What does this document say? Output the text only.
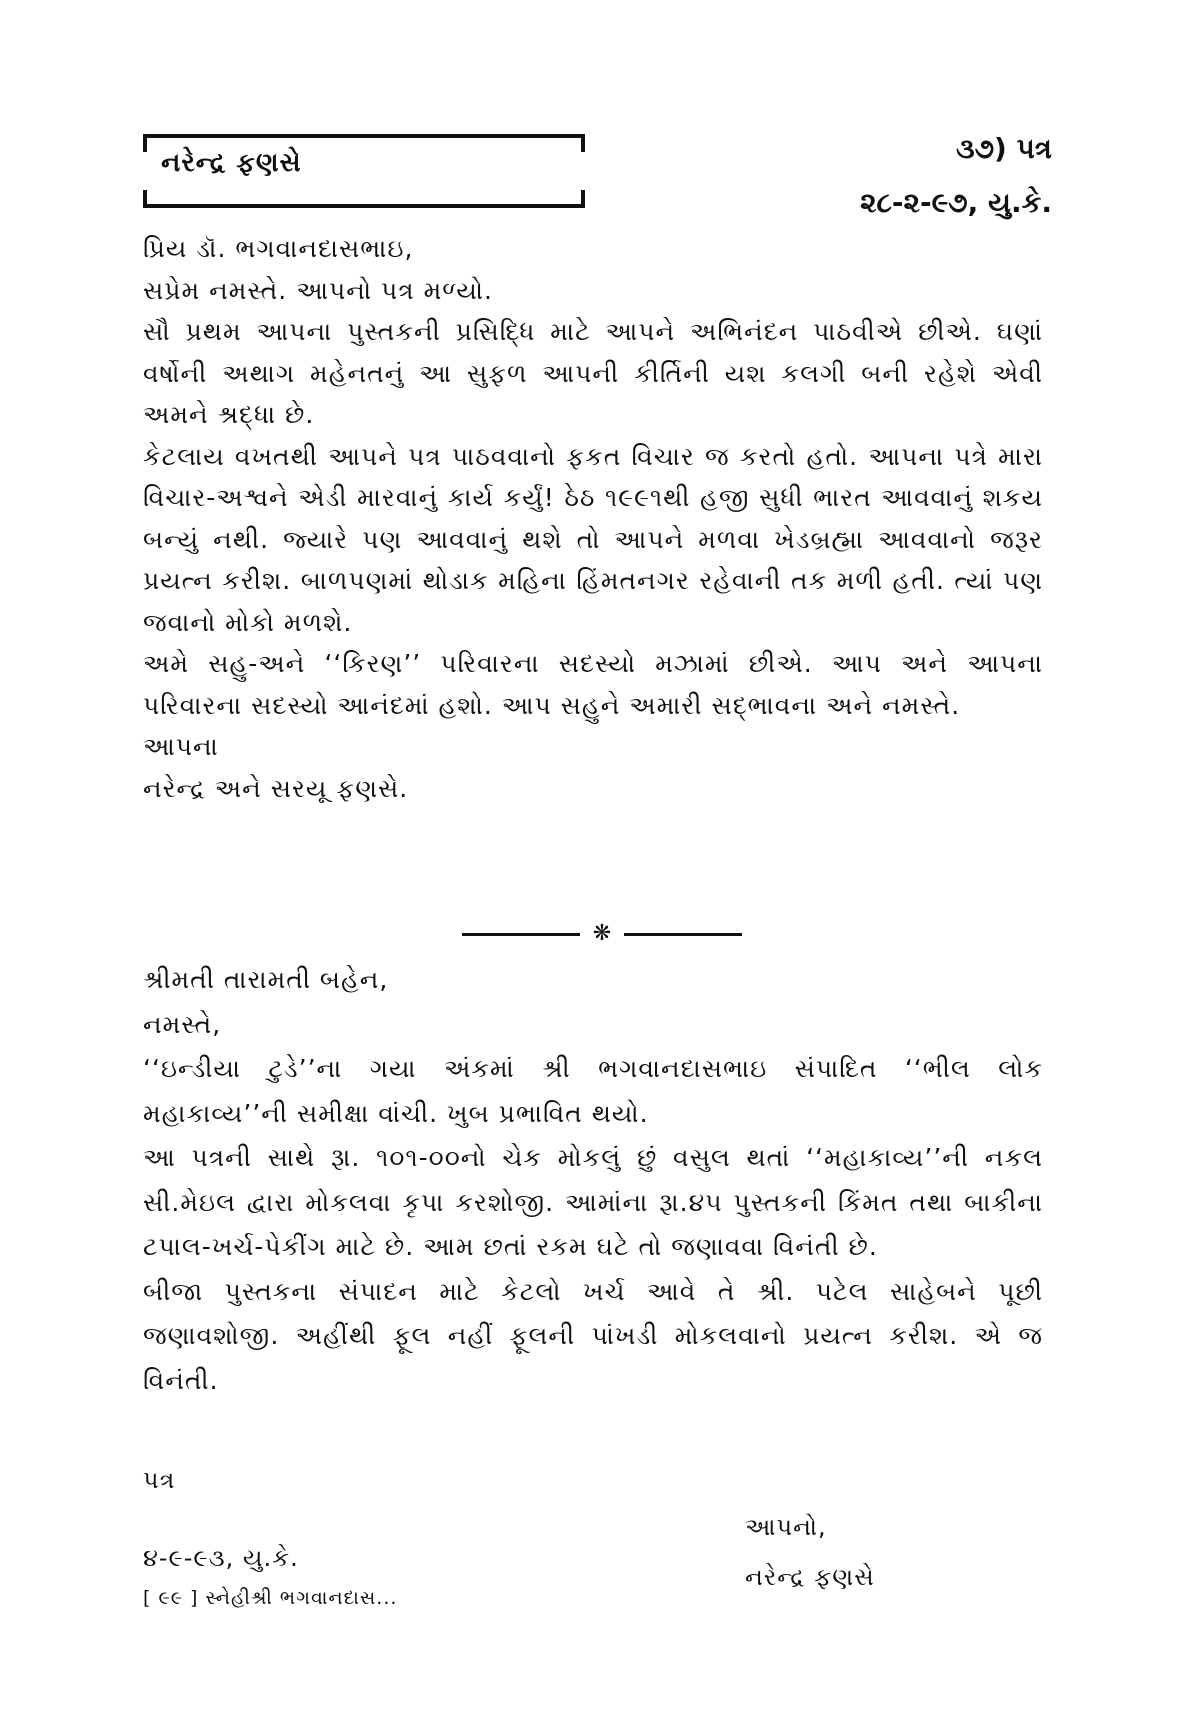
નરેન્દ્ર ફણસે	૩૭) પત્ર
૨૮-૨-૯૭, યુ.કે.

પ્રિય ડૉ. ભગવાનદાસભાઇ,

સપ્રેમ નમસ્તે. આપનો પત્ર મળ્યો.

સૌ પ્રથમ આપના પુસ્તકની પ્રસિદ્ધિ માટે આપને અભિનંદન પાઠવીએ છીએ. ઘણાં વર્ષોની અથાગ મહેનતનું આ સુફળ આપની કીર્તિની યશ કલગી બની રહેશે એવી અમને શ્રદ્ધા છે.

કેટલાય વખતથી આપને પત્ર પાઠવવાનો ફકત વિચાર જ કરતો હતો. આપના પત્રે મારા વિચાર-અશ્વને એડી મારવાનું કાર્ય કર્યું! ઠેઠ ૧૯૯૧થી હજી સુધી ભારત આવવાનું શકય બન્યું નથી. જ્યારે પણ આવવાનું થશે તો આપને મળવા ખેડબ્રહ્મા આવવાનો જરૂર પ્રયત્ન કરીશ. બાળપણમાં થોડાક મહિના હિંમતનગર રહેવાની તક મળી હતી. ત્યાં પણ જવાનો મોકો મળશે.

અમે સહુ-અને ‘‘કિરણ’’ પરિવારના સદસ્યો મઝામાં છીએ. આપ અને આપના પરિવારના સદસ્યો આનંદમાં હશો. આપ સહુને અમારી સદ્ભાવના અને નમસ્તે.

આપના

નરેન્દ્ર અને સરયૂ ફણસે.

❋

શ્રીમતી તારામતી બહેન,

નમસ્તે,

‘‘ઇન્ડીયા ટુડે’’ના ગયા અંકમાં શ્રી ભગવાનદાસભાઇ સંપાદિત ‘‘ભીલ લોક મહાકાવ્ય’’ની સમીક્ષા વાંચી. ખુબ પ્રભાવિત થયો.

આ પત્રની સાથે રૂા. ૧૦૧-૦૦નો ચેક મોકલું છું વસુલ થતાં ‘‘મહાકાવ્ય’’ની નકલ સી.મેઇલ દ્વારા મોકલવા કૃપા કરશોજી. આમાંના રૂા.૪૫ પુસ્તકની કિંમત તથા બાકીના ટપાલ-ખર્ચ-પેકીંગ માટે છે. આમ છતાં રકમ ઘટે તો જણાવવા વિનંતી છે.

બીજા પુસ્તકના સંપાદન માટે કેટલો ખર્ચ આવે તે શ્રી. પટેલ સાહેબને પૂછી જણાવશોજી. અહીંથી ફૂલ નહીં ફૂલની પાંખડી મોકલવાનો પ્રયત્ન કરીશ. એ જ વિનંતી.

પત્ર
૪-૯-૯૩, યુ.કે.
[ ૯૯ ] સ્નેહીશ્રી ભગવાનદાસ...
આપનો,
નરેન્દ્ર ફણસે
